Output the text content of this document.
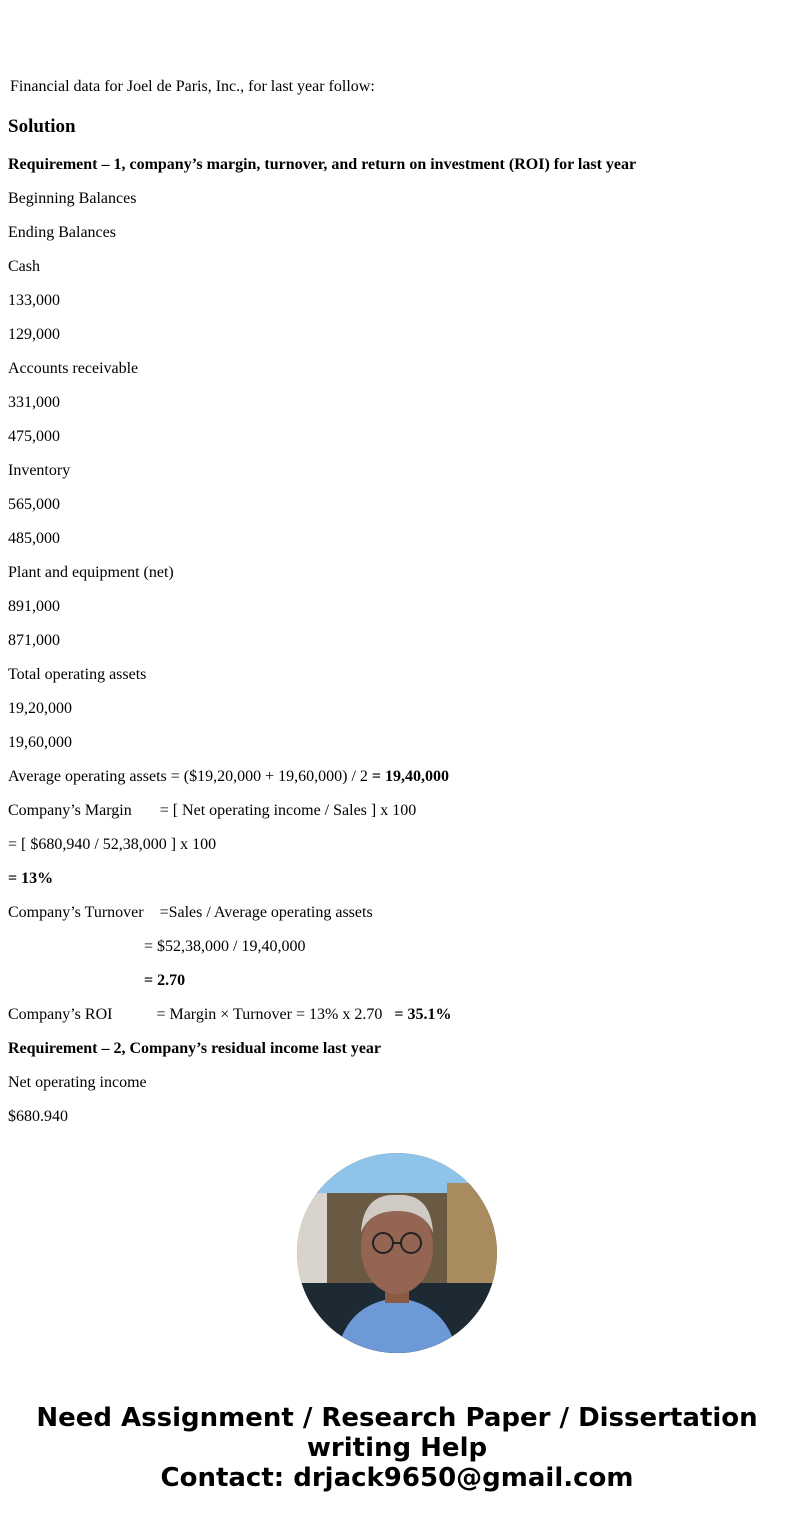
Financial data for Joel de Paris, Inc., for last year follow:
Solution
Requirement – 1, company’s margin, turnover, and return on investment (ROI) for last year
Beginning Balances
Ending Balances
Cash
133,000
129,000
Accounts receivable
331,000
475,000
Inventory
565,000
485,000
Plant and equipment (net)
891,000
871,000
Total operating assets
19,20,000
19,60,000
Average operating assets = ($19,20,000 + 19,60,000) / 2 = 19,40,000
Company’s Margin       = [ Net operating income / Sales ] x 100
= [ $680,940 / 52,38,000 ] x 100
= 13%
Company’s Turnover    =Sales / Average operating assets
= $52,38,000 / 19,40,000
= 2.70
Company’s ROI           = Margin × Turnover = 13% x 2.70   = 35.1%
Requirement – 2, Company’s residual income last year
Net operating income
$680.940
Need Assignment / Research Paper / Dissertation
writing Help
Contact: drjack9650@gmail.com
